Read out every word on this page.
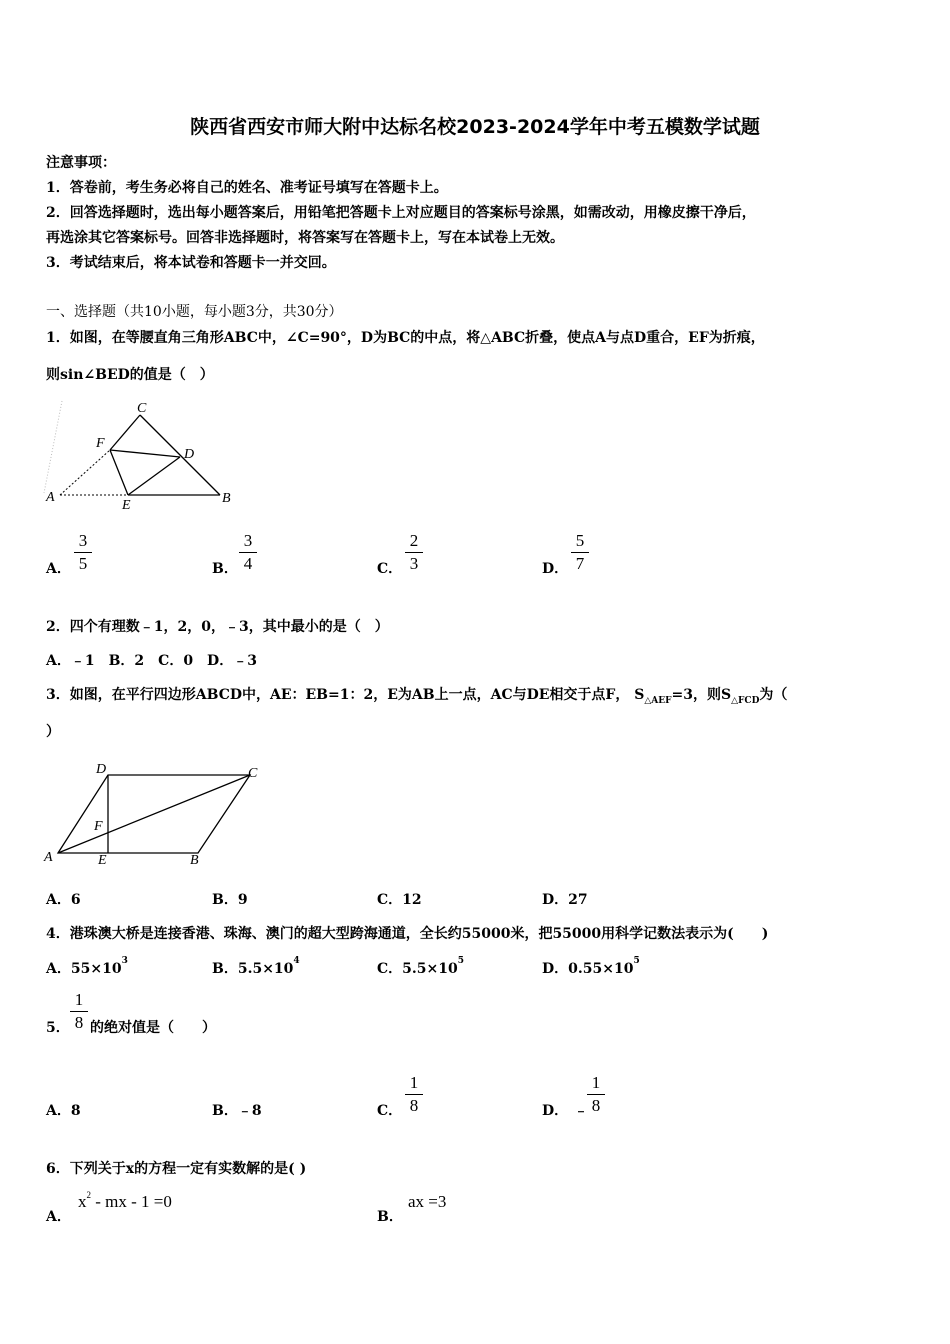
陕西省西安市师大附中达标名校2023-2024学年中考五模数学试题
注意事项：
1．答卷前，考生务必将自己的姓名、准考证号填写在答题卡上。
2．回答选择题时，选出每小题答案后，用铅笔把答题卡上对应题目的答案标号涂黑，如需改动，用橡皮擦干净后，
再选涂其它答案标号。回答非选择题时，将答案写在答题卡上，写在本试卷上无效。
3．考试结束后，将本试卷和答题卡一并交回。
一、选择题（共10小题，每小题3分，共30分）
1．如图，在等腰直角三角形ABC中，∠C=90°，D为BC的中点，将△ABC折叠，使点A与点D重合，EF为折痕，
则sin∠BED的值是（　）
C
F
D
A
E	B
A．
3
5	B．
3
4	C．
2
3	D．
5
7
2．四个有理数﹣1，2，0，﹣3，其中最小的是（　）
A．﹣1　B．2　C．0　D．﹣3
3．如图，在平行四边形ABCD中，AE：EB=1：2，E为AB上一点，AC与DE相交于点F， $S_{\triangle AEF}=3$，则$S_{\triangle FCD}$为（
）
D	C
F
A	E	B
A．6	B．9	C．12	D．27
4．港珠澳大桥是连接香港、珠海、澳门的超大型跨海通道，全长约55000米，把55000用科学记数法表示为(　　)
A．$55\times 10^3$	B．$5.5\times 10^4$	C．$5.5\times 10^5$	D．$0.55\times 10^5$
5．
1
8 的绝对值是（　　）
A．8	B．﹣8	C．
1
8	D． ﹣
1
8
6．下列关于x的方程一定有实数解的是( )
A．
$x^2$ - mx - 1 =0
B．
ax =3
